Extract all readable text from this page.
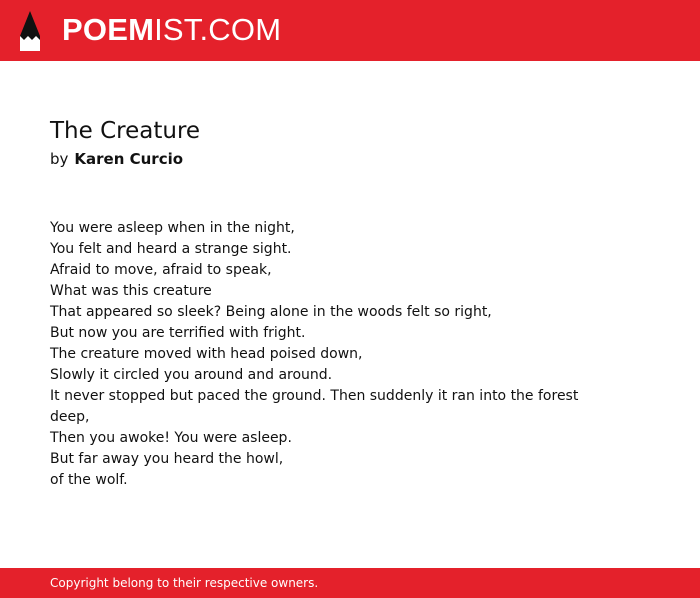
POEMIST.COM
The Creature
by Karen Curcio
You were asleep when in the night,
You felt and heard a strange sight.
Afraid to move, afraid to speak,
What was this creature
That appeared so sleek? Being alone in the woods felt so right,
But now you are terrified with fright.
The creature moved with head poised down,
Slowly it circled you around and around.
It never stopped but paced the ground. Then suddenly it ran into the forest
deep,
Then you awoke! You were asleep.
But far away you heard the howl,
of the wolf.
Copyright belong to their respective owners.
